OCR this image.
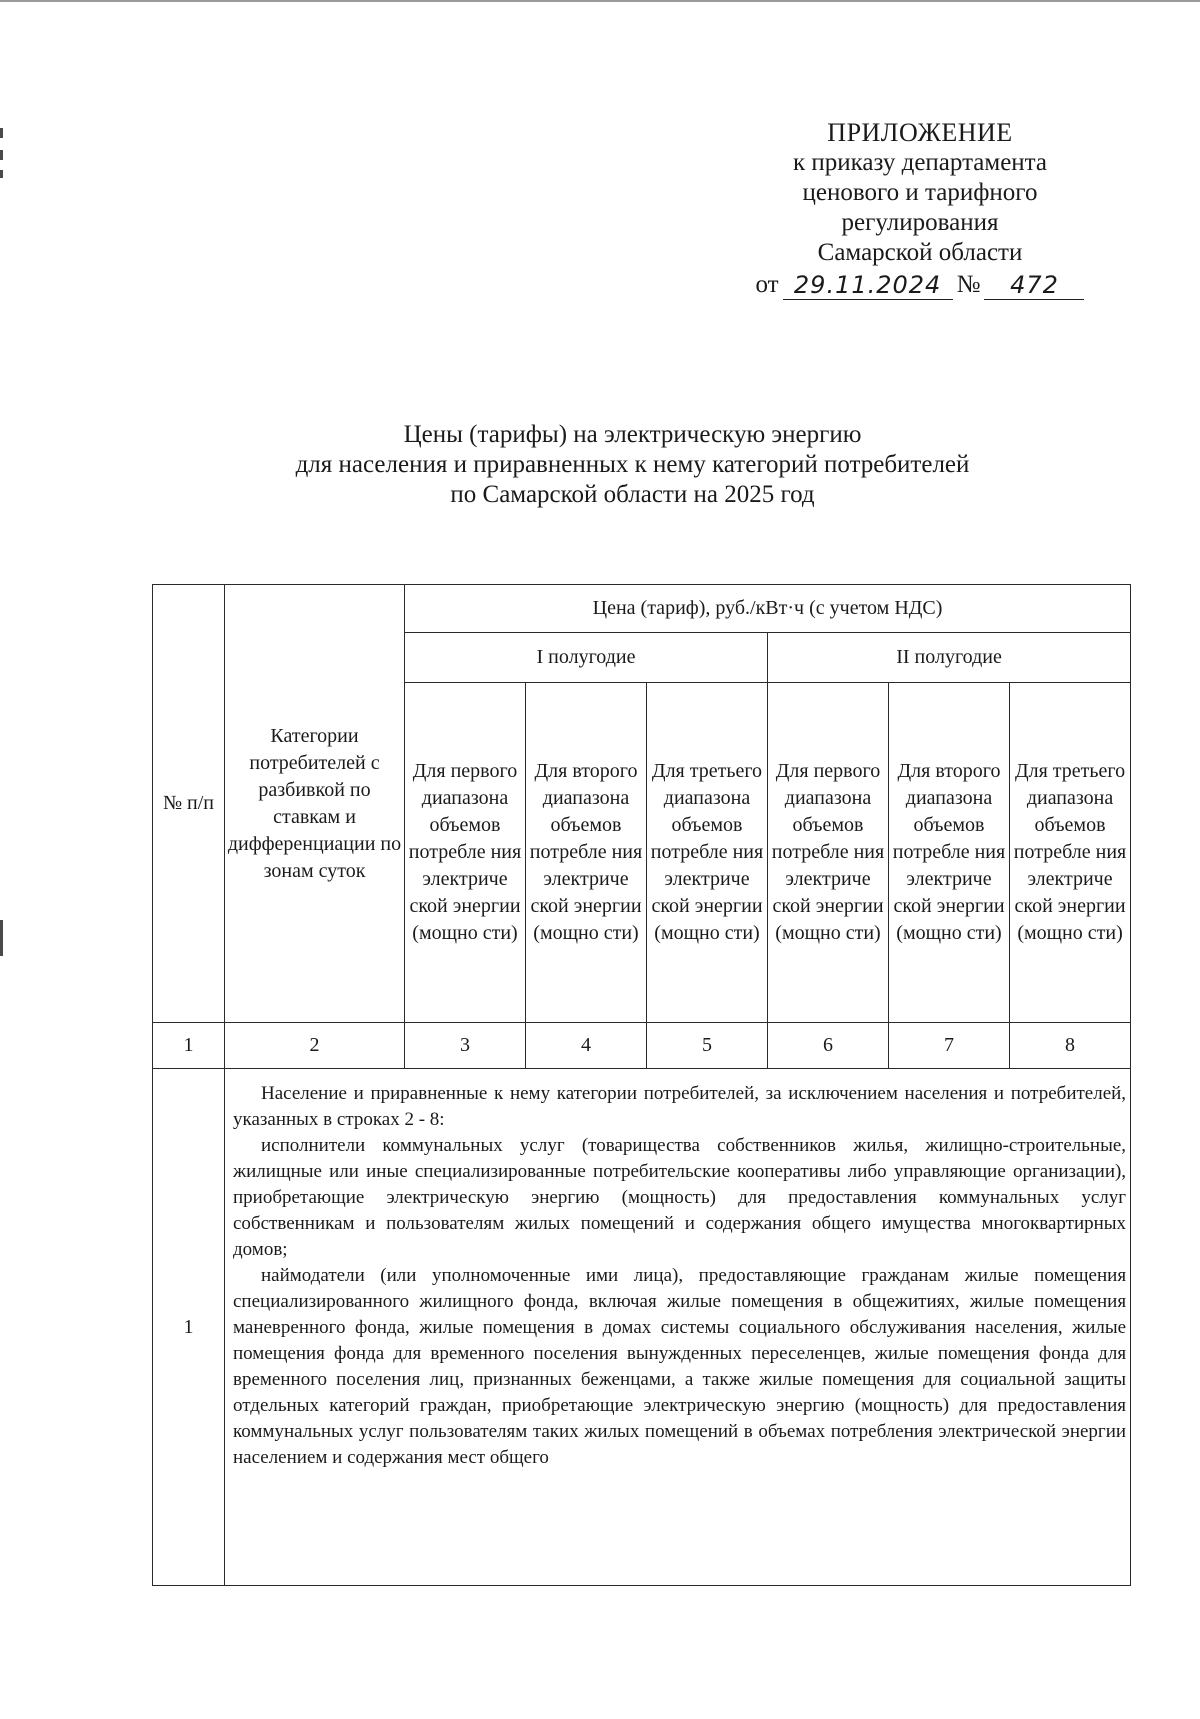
ПРИЛОЖЕНИЕ
к приказу департамента
ценового и тарифного
регулирования
Самарской области
от 29.11.2024 №	472
Цены (тарифы) на электрическую энергию
для населения и приравненных к нему категорий потребителей
по Самарской области на 2025 год
№ п/п	Категории потребителей с разбивкой по ставкам и дифференциации по зонам суток	Цена (тариф), руб./кВт·ч (с учетом НДС)					
		I полугодие			II полугодие		
		Для первого диапазона объемов потребле ния электриче ской энергии (мощно сти)	Для второго диапазона объемов потребле ния электриче ской энергии (мощно сти)	Для третьего диапазона объемов потребле ния электриче ской энергии (мощно сти)	Для первого диапазона объемов потребле ния электриче ской энергии (мощно сти)	Для второго диапазона объемов потребле ния электриче ской энергии (мощно сти)	Для третьего диапазона объемов потребле ния электриче ской энергии (мощно сти)
1	2	3	4	5	6	7	8
1	Население и приравненные к нему категории потребителей, за исключением населения и потребителей, указанных в строках 2 - 8:

исполнители коммунальных услуг (товарищества собственников жилья, жилищно-строительные, жилищные или иные специализированные потребительские кооперативы либо управляющие организации), приобретающие электрическую энергию (мощность) для предоставления коммунальных услуг собственникам и пользователям жилых помещений и содержания общего имущества многоквартирных домов;

наймодатели (или уполномоченные ими лица), предоставляющие гражданам жилые помещения специализированного жилищного фонда, включая жилые помещения в общежитиях, жилые помещения маневренного фонда, жилые помещения в домах системы социального обслуживания населения, жилые помещения фонда для временного поселения вынужденных переселенцев, жилые помещения фонда для временного поселения лиц, признанных беженцами, а также жилые помещения для социальной защиты отдельных категорий граждан, приобретающие электрическую энергию (мощность) для предоставления коммунальных услуг пользователям таких жилых помещений в объемах потребления электрической энергии населением и содержания мест общего						
